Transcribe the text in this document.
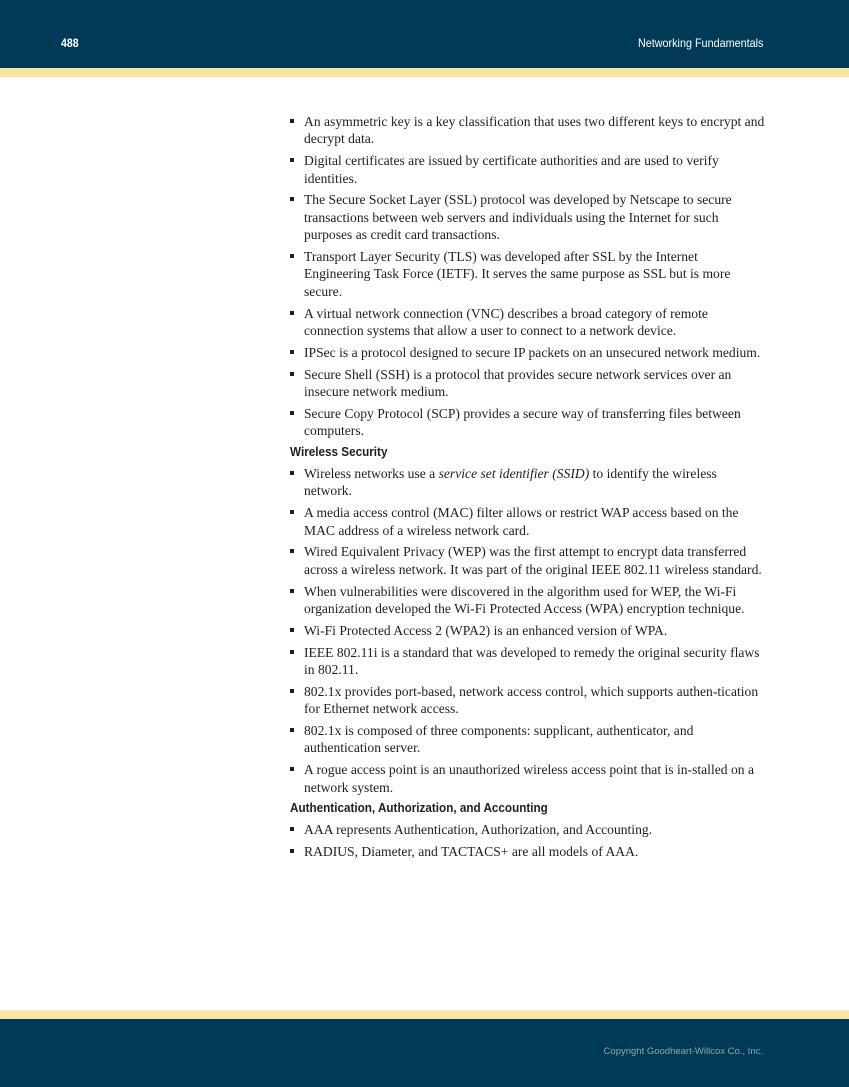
488	Networking Fundamentals
An asymmetric key is a key classification that uses two different keys to encrypt and decrypt data.
Digital certificates are issued by certificate authorities and are used to verify identities.
The Secure Socket Layer (SSL) protocol was developed by Netscape to secure transactions between web servers and individuals using the Internet for such purposes as credit card transactions.
Transport Layer Security (TLS) was developed after SSL by the Internet Engineering Task Force (IETF). It serves the same purpose as SSL but is more secure.
A virtual network connection (VNC) describes a broad category of remote connection systems that allow a user to connect to a network device.
IPSec is a protocol designed to secure IP packets on an unsecured network medium.
Secure Shell (SSH) is a protocol that provides secure network services over an insecure network medium.
Secure Copy Protocol (SCP) provides a secure way of transferring files between computers.
Wireless Security
Wireless networks use a service set identifier (SSID) to identify the wireless network.
A media access control (MAC) filter allows or restrict WAP access based on the MAC address of a wireless network card.
Wired Equivalent Privacy (WEP) was the first attempt to encrypt data transferred across a wireless network. It was part of the original IEEE 802.11 wireless standard.
When vulnerabilities were discovered in the algorithm used for WEP, the Wi-Fi organization developed the Wi-Fi Protected Access (WPA) encryption technique.
Wi-Fi Protected Access 2 (WPA2) is an enhanced version of WPA.
IEEE 802.11i is a standard that was developed to remedy the original security flaws in 802.11.
802.1x provides port-based, network access control, which supports authen-tication for Ethernet network access.
802.1x is composed of three components: supplicant, authenticator, and authentication server.
A rogue access point is an unauthorized wireless access point that is in-stalled on a network system.
Authentication, Authorization, and Accounting
AAA represents Authentication, Authorization, and Accounting.
RADIUS, Diameter, and TACTACS+ are all models of AAA.
Copyright Goodheart-Willcox Co., Inc.
